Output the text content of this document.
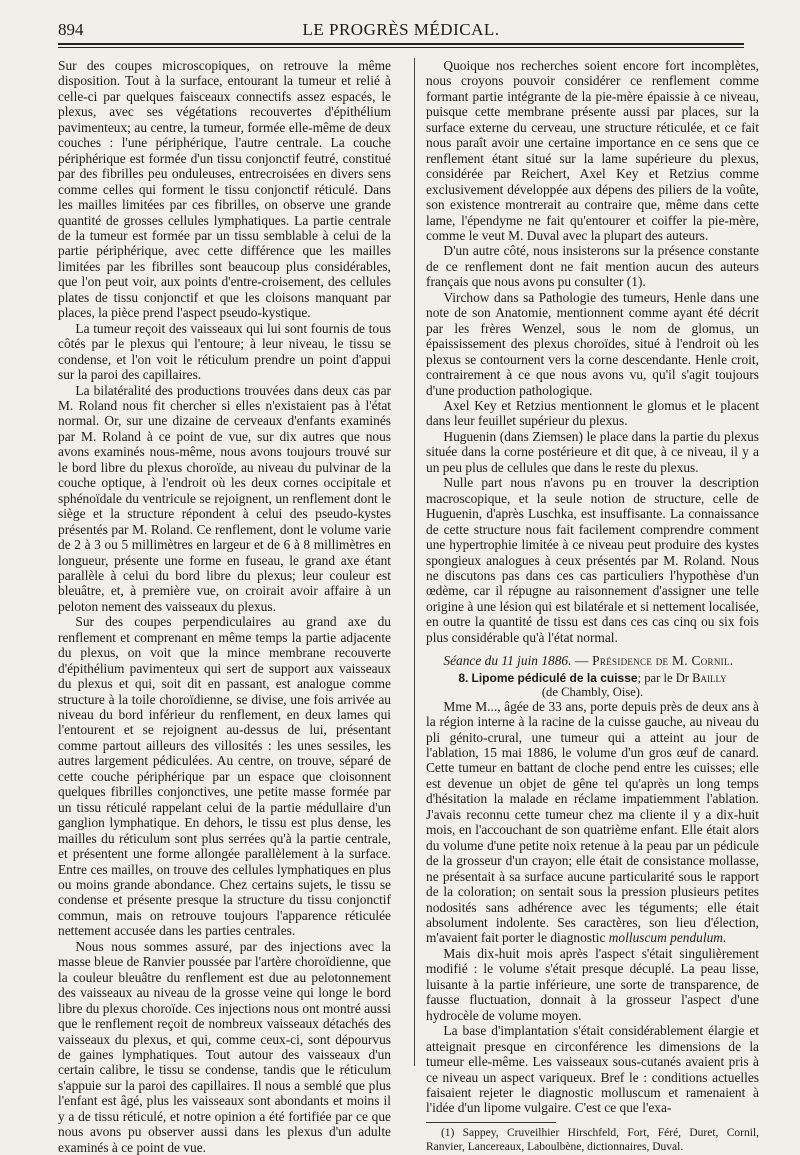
894	LE PROGRÈS MÉDICAL.

Sur des coupes microscopiques, on retrouve la même disposition. Tout à la surface, entourant la tumeur et relié à celle-ci par quelques faisceaux connectifs assez espacés, le plexus, avec ses végétations recouvertes d'épithélium pavimenteux; au centre, la tumeur, formée elle-même de deux couches : l'une périphérique, l'autre centrale. La couche périphérique est formée d'un tissu conjonctif feutré, constitué par des fibrilles peu onduleuses, entrecroisées en divers sens comme celles qui forment le tissu conjonctif réticulé. Dans les mailles limitées par ces fibrilles, on observe une grande quantité de grosses cellules lymphatiques. La partie centrale de la tumeur est formée par un tissu semblable à celui de la partie périphérique, avec cette différence que les mailles limitées par les fibrilles sont beaucoup plus considérables, que l'on peut voir, aux points d'entre-croisement, des cellules plates de tissu conjonctif et que les cloisons manquant par places, la pièce prend l'aspect pseudo-kystique.

La tumeur reçoit des vaisseaux qui lui sont fournis de tous côtés par le plexus qui l'entoure; à leur niveau, le tissu se condense, et l'on voit le réticulum prendre un point d'appui sur la paroi des capillaires.

La bilatéralité des productions trouvées dans deux cas par M. Roland nous fit chercher si elles n'existaient pas à l'état normal. Or, sur une dizaine de cerveaux d'enfants examinés par M. Roland à ce point de vue, sur dix autres que nous avons examinés nous-même, nous avons toujours trouvé sur le bord libre du plexus choroïde, au niveau du pulvinar de la couche optique, à l'endroit où les deux cornes occipitale et sphénoïdale du ventricule se rejoignent, un renflement dont le siège et la structure répondent à celui des pseudo-kystes présentés par M. Roland. Ce renflement, dont le volume varie de 2 à 3 ou 5 millimètres en largeur et de 6 à 8 millimètres en longueur, présente une forme en fuseau, le grand axe étant parallèle à celui du bord libre du plexus; leur couleur est bleuâtre, et, à première vue, on croirait avoir affaire à un peloton nement des vaisseaux du plexus.

Sur des coupes perpendiculaires au grand axe du renflement et comprenant en même temps la partie adjacente du plexus, on voit que la mince membrane recouverte d'épithélium pavimenteux qui sert de support aux vaisseaux du plexus et qui, soit dit en passant, est analogue comme structure à la toile choroïdienne, se divise, une fois arrivée au niveau du bord inférieur du renflement, en deux lames qui l'entourent et se rejoignent au-dessus de lui, présentant comme partout ailleurs des villosités : les unes sessiles, les autres largement pédiculées. Au centre, on trouve, séparé de cette couche périphérique par un espace que cloisonnent quelques fibrilles conjonctives, une petite masse formée par un tissu réticulé rappelant celui de la partie médullaire d'un ganglion lymphatique. En dehors, le tissu est plus dense, les mailles du réticulum sont plus serrées qu'à la partie centrale, et présentent une forme allongée parallèlement à la surface. Entre ces mailles, on trouve des cellules lymphatiques en plus ou moins grande abondance. Chez certains sujets, le tissu se condense et présente presque la structure du tissu conjonctif commun, mais on retrouve toujours l'apparence réticulée nettement accusée dans les parties centrales.

Nous nous sommes assuré, par des injections avec la masse bleue de Ranvier poussée par l'artère choroïdienne, que la couleur bleuâtre du renflement est due au pelotonnement des vaisseaux au niveau de la grosse veine qui longe le bord libre du plexus choroïde. Ces injections nous ont montré aussi que le renflement reçoit de nombreux vaisseaux détachés des vaisseaux du plexus, et qui, comme ceux-ci, sont dépourvus de gaines lymphatiques. Tout autour des vaisseaux d'un certain calibre, le tissu se condense, tandis que le réticulum s'appuie sur la paroi des capillaires. Il nous a semblé que plus l'enfant est âgé, plus les vaisseaux sont abondants et moins il y a de tissu réticulé, et notre opinion a été fortifiée par ce que nous avons pu observer aussi dans les plexus d'un adulte examinés à ce point de vue.

Quoique nos recherches soient encore fort incomplètes, nous croyons pouvoir considérer ce renflement comme formant partie intégrante de la pie-mère épaissie à ce niveau, puisque cette membrane présente aussi par places, sur la surface externe du cerveau, une structure réticulée, et ce fait nous paraît avoir une certaine importance en ce sens que ce renflement étant situé sur la lame supérieure du plexus, considérée par Reichert, Axel Key et Retzius comme exclusivement développée aux dépens des piliers de la voûte, son existence montrerait au contraire que, même dans cette lame, l'épendyme ne fait qu'entourer et coiffer la pie-mère, comme le veut M. Duval avec la plupart des auteurs.

D'un autre côté, nous insisterons sur la présence constante de ce renflement dont ne fait mention aucun des auteurs français que nous avons pu consulter (1).

Virchow dans sa Pathologie des tumeurs, Henle dans une note de son Anatomie, mentionnent comme ayant été décrit par les frères Wenzel, sous le nom de glomus, un épaississement des plexus choroïdes, situé à l'endroit où les plexus se contournent vers la corne descendante. Henle croit, contrairement à ce que nous avons vu, qu'il s'agit toujours d'une production pathologique.

Axel Key et Retzius mentionnent le glomus et le placent dans leur feuillet supérieur du plexus.

Huguenin (dans Ziemsen) le place dans la partie du plexus située dans la corne postérieure et dit que, à ce niveau, il y a un peu plus de cellules que dans le reste du plexus.

Nulle part nous n'avons pu en trouver la description macroscopique, et la seule notion de structure, celle de Huguenin, d'après Luschka, est insuffisante. La connaissance de cette structure nous fait facilement comprendre comment une hypertrophie limitée à ce niveau peut produire des kystes spongieux analogues à ceux présentés par M. Roland. Nous ne discutons pas dans ces cas particuliers l'hypothèse d'un œdème, car il répugne au raisonnement d'assigner une telle origine à une lésion qui est bilatérale et si nettement localisée, en outre la quantité de tissu est dans ces cas cinq ou six fois plus considérable qu'à l'état normal.

Séance du 11 juin 1886. — Présidence de M. Cornil.
8. Lipome pédiculé de la cuisse; par le Dr Bailly
(de Chambly, Oise).

Mme M..., âgée de 33 ans, porte depuis près de deux ans à la région interne à la racine de la cuisse gauche, au niveau du pli génito-crural, une tumeur qui a atteint au jour de l'ablation, 15 mai 1886, le volume d'un gros œuf de canard. Cette tumeur en battant de cloche pend entre les cuisses; elle est devenue un objet de gêne tel qu'après un long temps d'hésitation la malade en réclame impatiemment l'ablation. J'avais reconnu cette tumeur chez ma cliente il y a dix-huit mois, en l'accouchant de son quatrième enfant. Elle était alors du volume d'une petite noix retenue à la peau par un pédicule de la grosseur d'un crayon; elle était de consistance mollasse, ne présentait à sa surface aucune particularité sous le rapport de la coloration; on sentait sous la pression plusieurs petites nodosités sans adhérence avec les téguments; elle était absolument indolente. Ses caractères, son lieu d'élection, m'avaient fait porter le diagnostic molluscum pendulum.

Mais dix-huit mois après l'aspect s'était singulièrement modifié : le volume s'était presque décuplé. La peau lisse, luisante à la partie inférieure, une sorte de transparence, de fausse fluctuation, donnait à la grosseur l'aspect d'une hydrocèle de volume moyen.

La base d'implantation s'était considérablement élargie et atteignait presque en circonférence les dimensions de la tumeur elle-même. Les vaisseaux sous-cutanés avaient pris à ce niveau un aspect variqueux. Bref le : conditions actuelles faisaient rejeter le diagnostic molluscum et ramenaient à l'idée d'un lipome vulgaire. C'est ce que l'exa-

(1) Sappey, Cruveilhier Hirschfeld, Fort, Féré, Duret, Cornil, Ranvier, Lancereaux, Laboulbène, dictionnaires, Duval.
